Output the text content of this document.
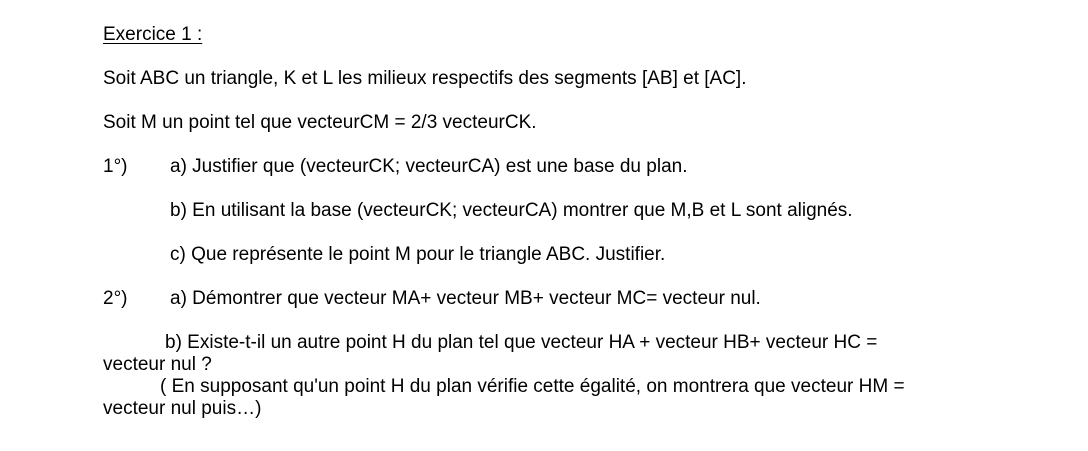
Exercice 1 :

Soit ABC un triangle, K et L les milieux respectifs des segments [AB] et [AC].

Soit M un point tel que vecteurCM = 2/3 vecteurCK.

1°) a) Justifier que (vecteurCK; vecteurCA) est une base du plan.

b) En utilisant la base (vecteurCK; vecteurCA) montrer que M,B et L sont alignés.

c) Que représente le point M pour le triangle ABC. Justifier.

2°) a) Démontrer que vecteur MA+ vecteur MB+ vecteur MC= vecteur nul.

b) Existe-t-il un autre point H du plan tel que vecteur HA + vecteur HB+ vecteur HC =
vecteur nul ?

( En supposant qu'un point H du plan vérifie cette égalité, on montrera que vecteur HM =
vecteur nul puis…)
